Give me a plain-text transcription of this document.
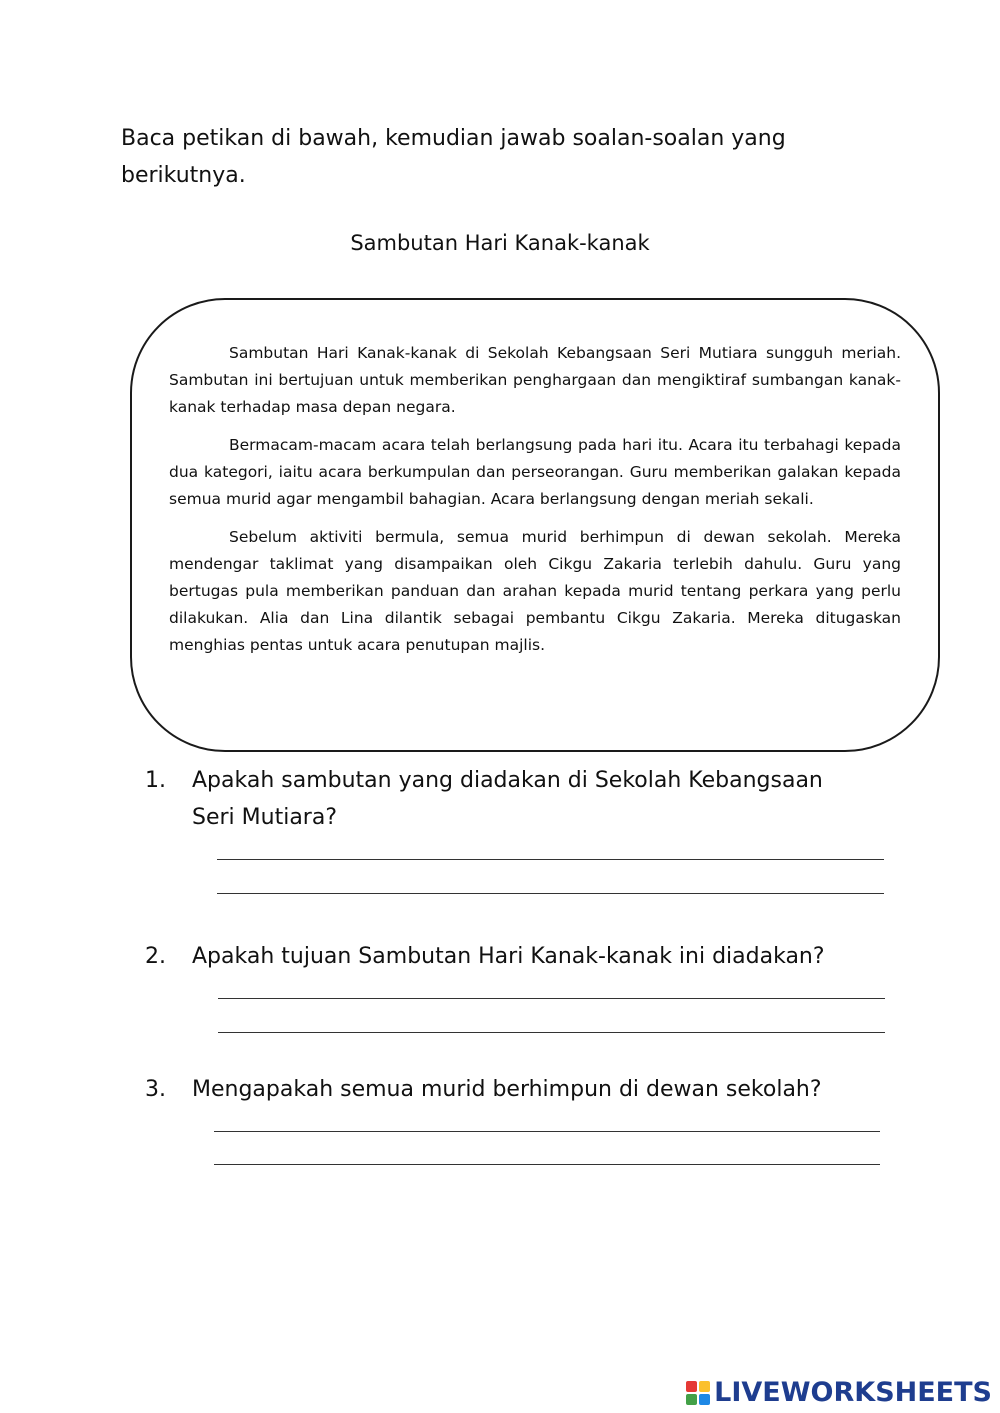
Baca petikan di bawah, kemudian jawab soalan-soalan yang berikutnya.

Sambutan Hari Kanak-kanak

Sambutan Hari Kanak-kanak di Sekolah Kebangsaan Seri Mutiara sungguh meriah. Sambutan ini bertujuan untuk memberikan penghargaan dan mengiktiraf sumbangan kanak-kanak terhadap masa depan negara.

Bermacam-macam acara telah berlangsung pada hari itu. Acara itu terbahagi kepada dua kategori, iaitu acara berkumpulan dan perseorangan. Guru memberikan galakan kepada semua murid agar mengambil bahagian. Acara berlangsung dengan meriah sekali.

Sebelum aktiviti bermula, semua murid berhimpun di dewan sekolah. Mereka mendengar taklimat yang disampaikan oleh Cikgu Zakaria terlebih dahulu. Guru yang bertugas pula memberikan panduan dan arahan kepada murid tentang perkara yang perlu dilakukan. Alia dan Lina dilantik sebagai pembantu Cikgu Zakaria. Mereka ditugaskan menghias pentas untuk acara penutupan majlis.

1.	Apakah sambutan yang diadakan di Sekolah Kebangsaan Seri Mutiara?
2.	Apakah tujuan Sambutan Hari Kanak-kanak ini diadakan?
3.	Mengapakah semua murid berhimpun di dewan sekolah?
LIVEWORKSHEETS
